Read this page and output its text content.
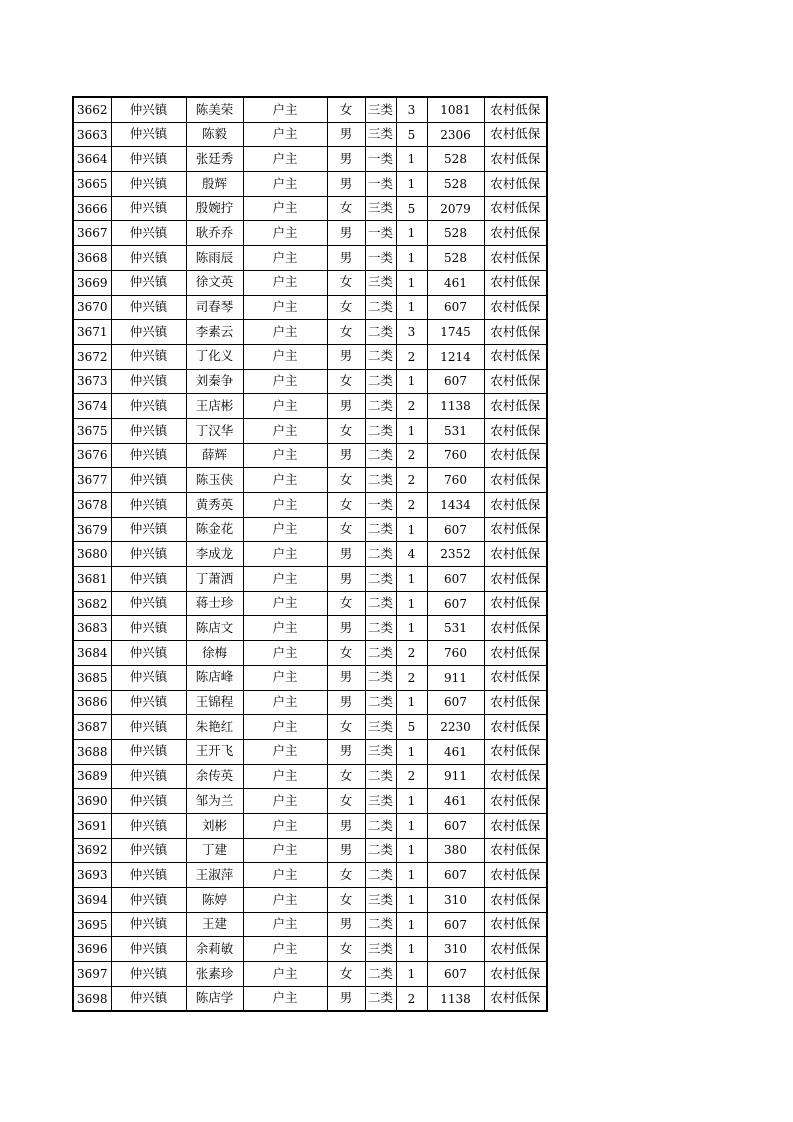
3662	仲兴镇	陈美荣	户主	女	三类	3	1081	农村低保
3663	仲兴镇	陈毅	户主	男	三类	5	2306	农村低保
3664	仲兴镇	张廷秀	户主	男	一类	1	528	农村低保
3665	仲兴镇	殷辉	户主	男	一类	1	528	农村低保
3666	仲兴镇	殷婉拧	户主	女	三类	5	2079	农村低保
3667	仲兴镇	耿乔乔	户主	男	一类	1	528	农村低保
3668	仲兴镇	陈雨辰	户主	男	一类	1	528	农村低保
3669	仲兴镇	徐文英	户主	女	三类	1	461	农村低保
3670	仲兴镇	司春琴	户主	女	二类	1	607	农村低保
3671	仲兴镇	李素云	户主	女	二类	3	1745	农村低保
3672	仲兴镇	丁化义	户主	男	二类	2	1214	农村低保
3673	仲兴镇	刘秦争	户主	女	二类	1	607	农村低保
3674	仲兴镇	王店彬	户主	男	二类	2	1138	农村低保
3675	仲兴镇	丁汉华	户主	女	二类	1	531	农村低保
3676	仲兴镇	薛辉	户主	男	二类	2	760	农村低保
3677	仲兴镇	陈玉侠	户主	女	二类	2	760	农村低保
3678	仲兴镇	黄秀英	户主	女	一类	2	1434	农村低保
3679	仲兴镇	陈金花	户主	女	二类	1	607	农村低保
3680	仲兴镇	李成龙	户主	男	二类	4	2352	农村低保
3681	仲兴镇	丁萧洒	户主	男	二类	1	607	农村低保
3682	仲兴镇	蒋士珍	户主	女	二类	1	607	农村低保
3683	仲兴镇	陈店文	户主	男	二类	1	531	农村低保
3684	仲兴镇	徐梅	户主	女	二类	2	760	农村低保
3685	仲兴镇	陈店峰	户主	男	二类	2	911	农村低保
3686	仲兴镇	王锦程	户主	男	二类	1	607	农村低保
3687	仲兴镇	朱艳红	户主	女	三类	5	2230	农村低保
3688	仲兴镇	王开飞	户主	男	三类	1	461	农村低保
3689	仲兴镇	余传英	户主	女	二类	2	911	农村低保
3690	仲兴镇	邹为兰	户主	女	三类	1	461	农村低保
3691	仲兴镇	刘彬	户主	男	二类	1	607	农村低保
3692	仲兴镇	丁建	户主	男	二类	1	380	农村低保
3693	仲兴镇	王淑萍	户主	女	二类	1	607	农村低保
3694	仲兴镇	陈婷	户主	女	三类	1	310	农村低保
3695	仲兴镇	王建	户主	男	二类	1	607	农村低保
3696	仲兴镇	余莉敏	户主	女	三类	1	310	农村低保
3697	仲兴镇	张素珍	户主	女	二类	1	607	农村低保
3698	仲兴镇	陈店学	户主	男	二类	2	1138	农村低保
